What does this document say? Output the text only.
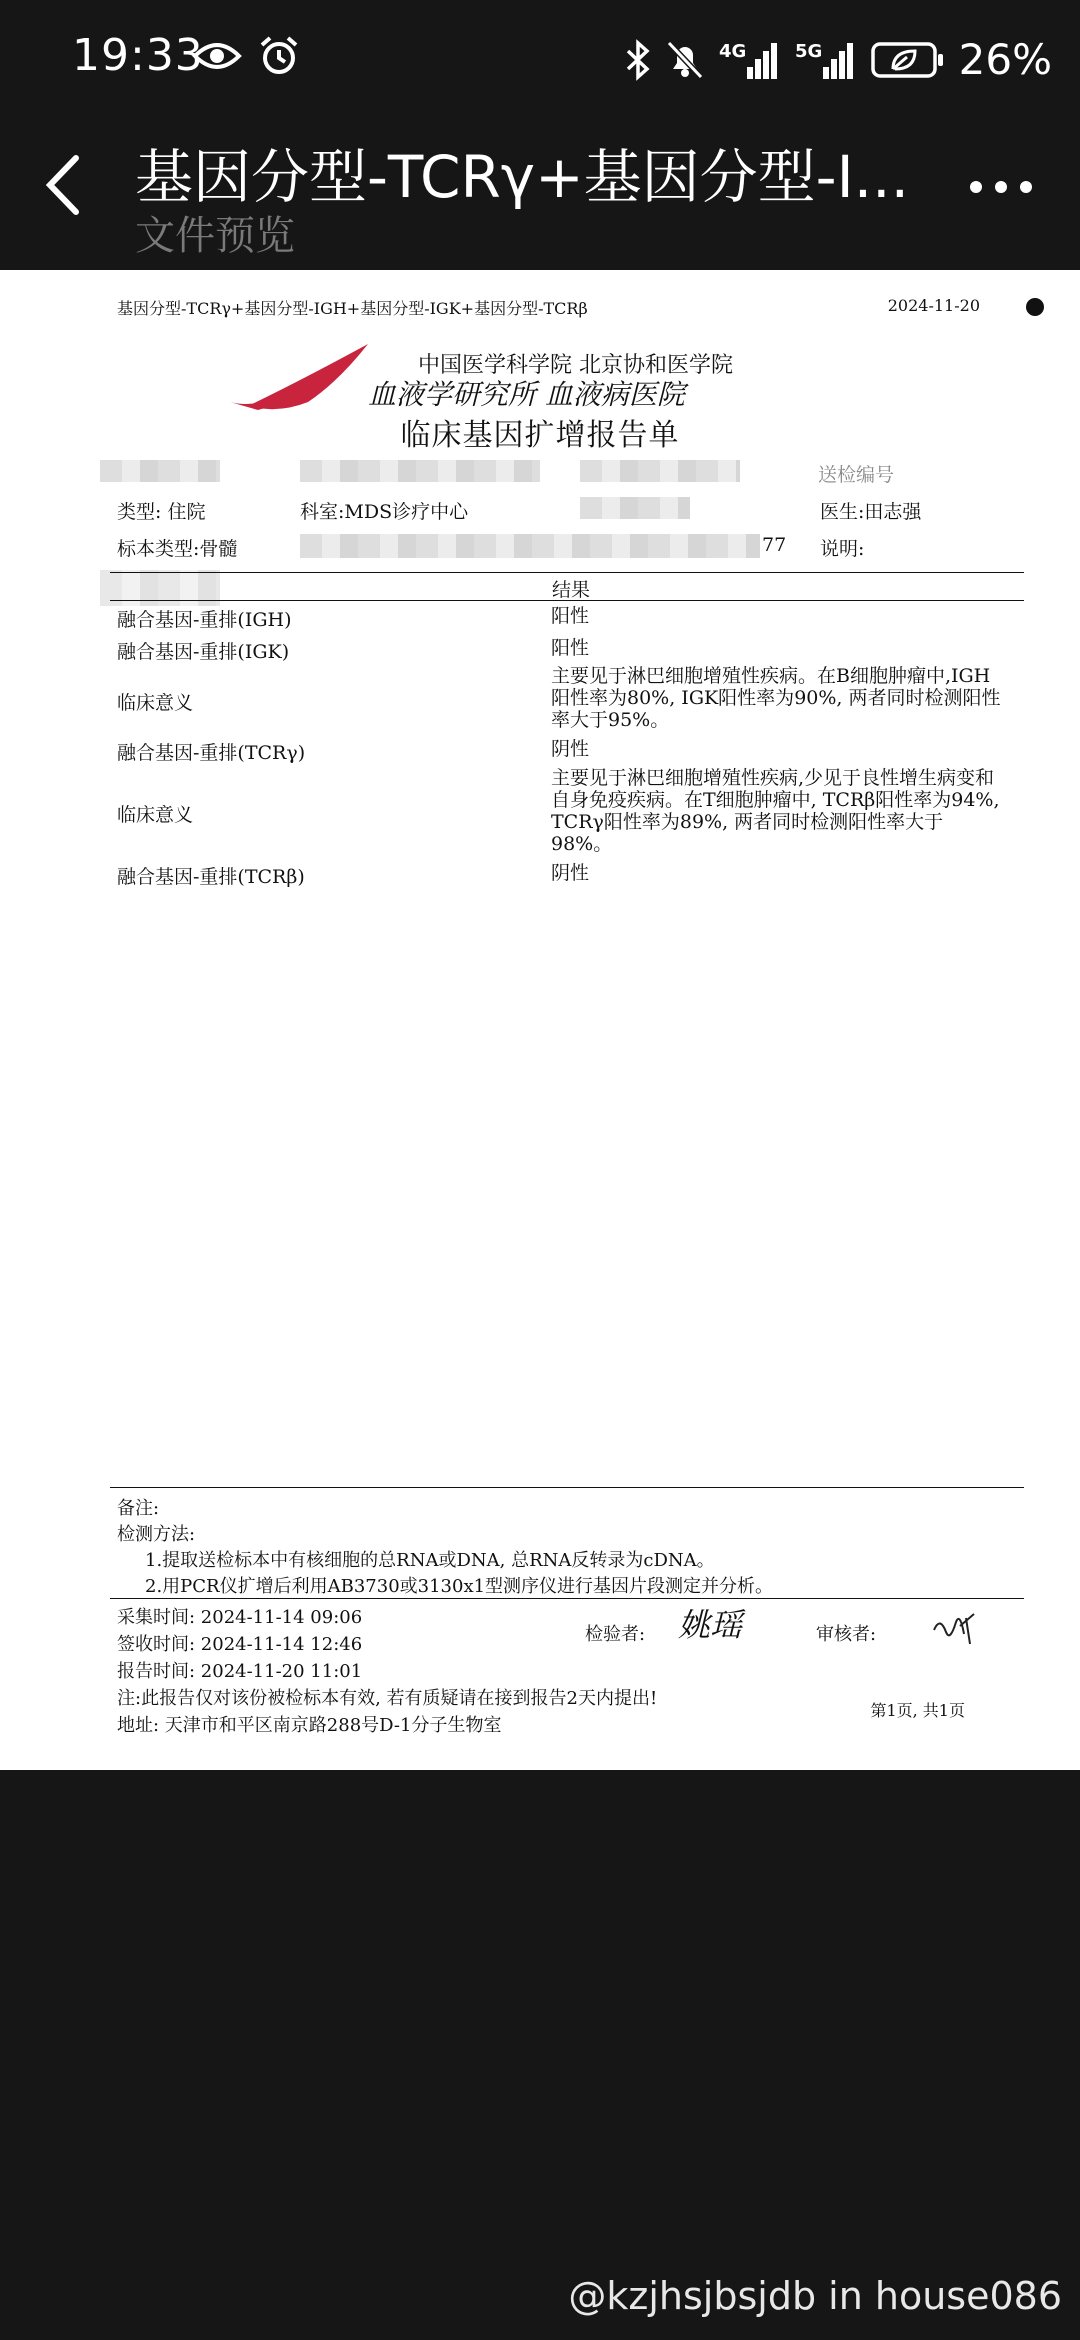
19:33	4G	5G	26%
基因分型-TCRγ+基因分型-I...
文件预览
基因分型-TCRγ+基因分型-IGH+基因分型-IGK+基因分型-TCRβ	2024-11-20
中国医学科学院 北京协和医学院
血液学研究所 血液病医院
临床基因扩增报告单
送检编号
类型: 住院	科室:MDS诊疗中心	医生:田志强
标本类型:骨髓	77 说明:
结果
融合基因-重排(IGH)	阳性
融合基因-重排(IGK)	阳性
临床意义
主要见于淋巴细胞增殖性疾病。在B细胞肿瘤中,IGH阳性率为80%, IGK阳性率为90%, 两者同时检测阳性率大于95%。
融合基因-重排(TCRγ)	阴性
临床意义
主要见于淋巴细胞增殖性疾病,少见于良性增生病变和自身免疫疾病。在T细胞肿瘤中, TCRβ阳性率为94%, TCRγ阳性率为89%, 两者同时检测阳性率大于98%。
融合基因-重排(TCRβ)	阴性
备注:
检测方法:
1.提取送检标本中有核细胞的总RNA或DNA, 总RNA反转录为cDNA。
2.用PCR仪扩增后利用AB3730或3130x1型测序仪进行基因片段测定并分析。
采集时间: 2024-11-14 09:06
签收时间: 2024-11-14 12:46
报告时间: 2024-11-20 11:01
检验者: 姚瑶	审核者:
注:此报告仅对该份被检标本有效, 若有质疑请在接到报告2天内提出!
第1页, 共1页
地址: 天津市和平区南京路288号D-1分子生物室
@kzjhsjbsjdb in house086
